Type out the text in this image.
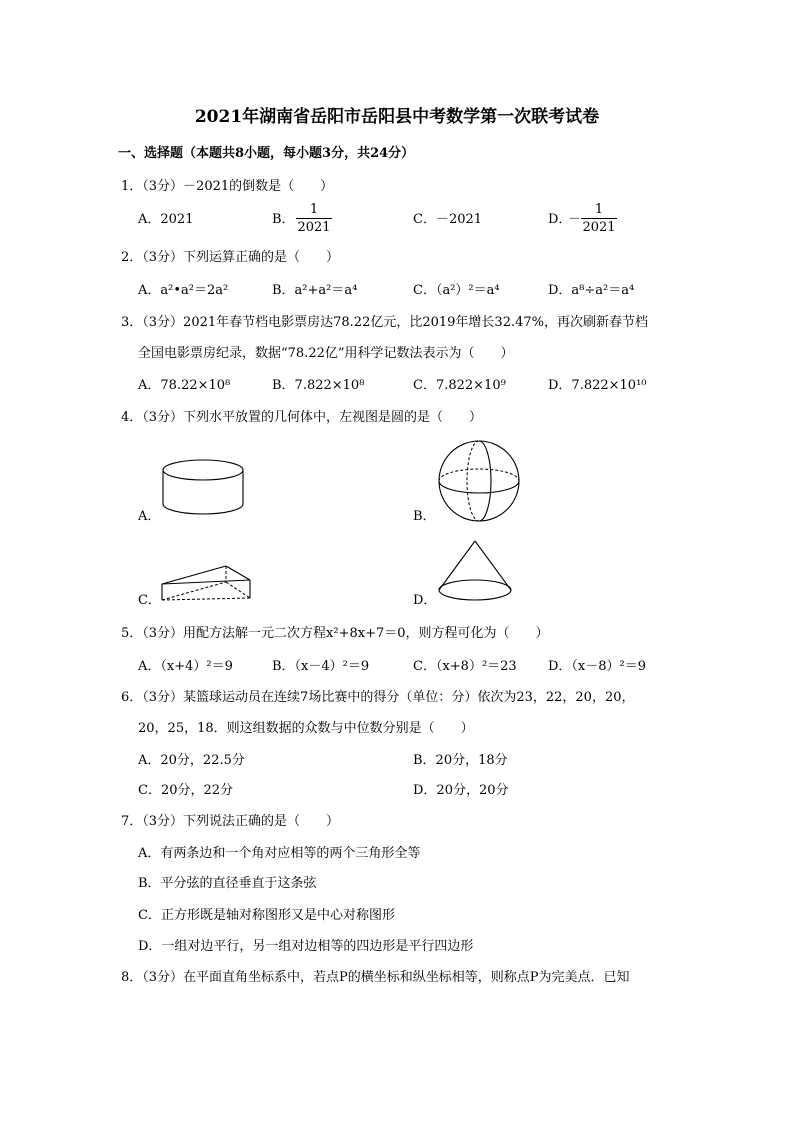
2021年湖南省岳阳市岳阳县中考数学第一次联考试卷
一、选择题（本题共8小题，每小题3分，共24分）
1．（3分）－2021的倒数是（　　）
A．2021	B．
1
2021
C．－2021	D．
－
1
2021
2．（3分）下列运算正确的是（　　）
A．a²•a²＝2a²	B．a²+a²＝a⁴	C．（a²）²＝a⁴	D．a⁸÷a²＝a⁴
3．（3分）2021年春节档电影票房达78.22亿元，比2019年增长32.47%，再次刷新春节档
全国电影票房纪录，数据“78.22亿”用科学记数法表示为（　　）
A．78.22×10⁸	B．7.822×10⁸	C．7.822×10⁹	D．7.822×10¹⁰
4．（3分）下列水平放置的几何体中，左视图是圆的是（　　）
A．	B．
C．	D．
5．（3分）用配方法解一元二次方程x²+8x+7＝0，则方程可化为（　　）
A．（x+4）²＝9	B．（x－4）²＝9	C．（x+8）²＝23 D．（x－8）²＝9
6．（3分）某篮球运动员在连续7场比赛中的得分（单位：分）依次为23，22，20，20，
20，25，18．则这组数据的众数与中位数分别是（　　）
A．20分，22.5分	B．20分，18分
C．20分，22分	D．20分，20分
7．（3分）下列说法正确的是（　　）
A．有两条边和一个角对应相等的两个三角形全等
B．平分弦的直径垂直于这条弦
C．正方形既是轴对称图形又是中心对称图形
D．一组对边平行，另一组对边相等的四边形是平行四边形
8．（3分）在平面直角坐标系中，若点P的横坐标和纵坐标相等，则称点P为完美点．已知
